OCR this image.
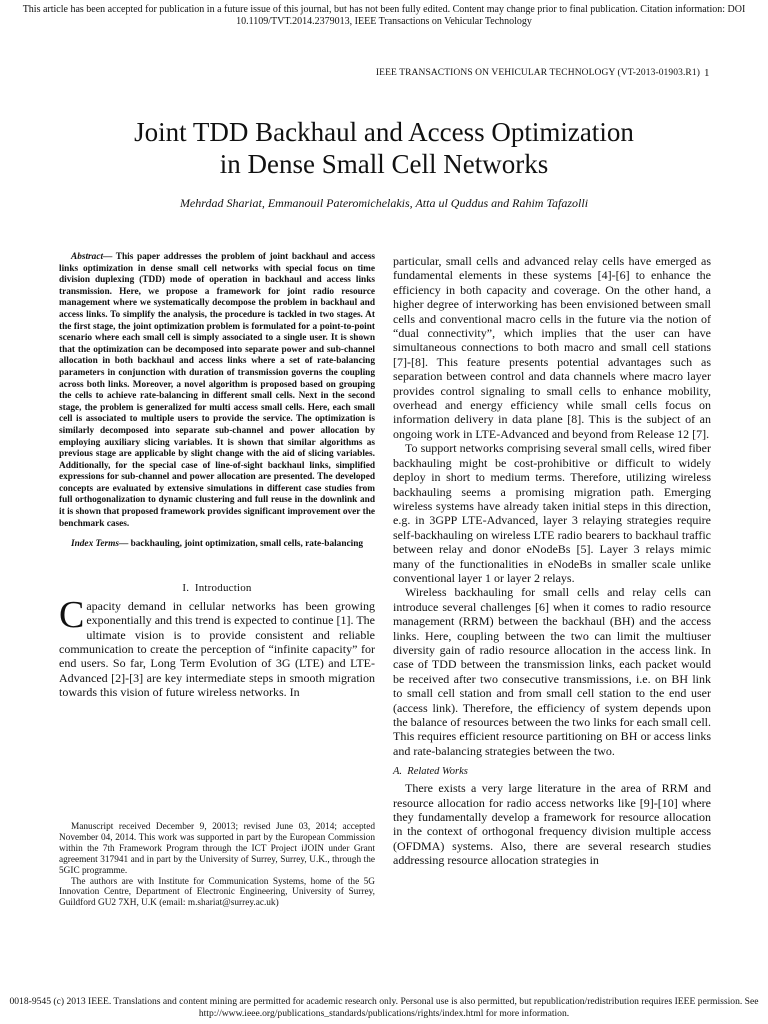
This article has been accepted for publication in a future issue of this journal, but has not been fully edited. Content may change prior to final publication. Citation information: DOI 10.1109/TVT.2014.2379013, IEEE Transactions on Vehicular Technology
IEEE TRANSACTIONS ON VEHICULAR TECHNOLOGY (VT-2013-01903.R1) 1
Joint TDD Backhaul and Access Optimization
in Dense Small Cell Networks
Mehrdad Shariat, Emmanouil Pateromichelakis, Atta ul Quddus and Rahim Tafazolli

Abstract— This paper addresses the problem of joint backhaul and access links optimization in dense small cell networks with special focus on time division duplexing (TDD) mode of operation in backhaul and access links transmission. Here, we propose a framework for joint radio resource management where we systematically decompose the problem in backhaul and access links. To simplify the analysis, the procedure is tackled in two stages. At the first stage, the joint optimization problem is formulated for a point-to-point scenario where each small cell is simply associated to a single user. It is shown that the optimization can be decomposed into separate power and sub-channel allocation in both backhaul and access links where a set of rate-balancing parameters in conjunction with duration of transmission governs the coupling across both links. Moreover, a novel algorithm is proposed based on grouping the cells to achieve rate-balancing in different small cells. Next in the second stage, the problem is generalized for multi access small cells. Here, each small cell is associated to multiple users to provide the service. The optimization is similarly decomposed into separate sub-channel and power allocation by employing auxiliary slicing variables. It is shown that similar algorithms as previous stage are applicable by slight change with the aid of slicing variables. Additionally, for the special case of line-of-sight backhaul links, simplified expressions for sub-channel and power allocation are presented. The developed concepts are evaluated by extensive simulations in different case studies from full orthogonalization to dynamic clustering and full reuse in the downlink and it is shown that proposed framework provides significant improvement over the benchmark cases.

Index Terms— backhauling, joint optimization, small cells, rate-balancing

I. Introduction

Capacity demand in cellular networks has been growing exponentially and this trend is expected to continue [1]. The ultimate vision is to provide consistent and reliable communication to create the perception of “infinite capacity” for end users. So far, Long Term Evolution of 3G (LTE) and LTE-Advanced [2]-[3] are key intermediate steps in smooth migration towards this vision of future wireless networks. In

Manuscript received December 9, 20013; revised June 03, 2014; accepted November 04, 2014. This work was supported in part by the European Commission within the 7th Framework Program through the ICT Project iJOIN under Grant agreement 317941 and in part by the University of Surrey, Surrey, U.K., through the 5GIC programme.

The authors are with Institute for Communication Systems, home of the 5G Innovation Centre, Department of Electronic Engineering, University of Surrey, Guildford GU2 7XH, U.K (email: m.shariat@surrey.ac.uk)

particular, small cells and advanced relay cells have emerged as fundamental elements in these systems [4]-[6] to enhance the efficiency in both capacity and coverage. On the other hand, a higher degree of interworking has been envisioned between small cells and conventional macro cells in the future via the notion of “dual connectivity”, which implies that the user can have simultaneous connections to both macro and small cell stations [7]-[8]. This feature presents potential advantages such as separation between control and data channels where macro layer provides control signaling to small cells to enhance mobility, overhead and energy efficiency while small cells focus on information delivery in data plane [8]. This is the subject of an ongoing work in LTE-Advanced and beyond from Release 12 [7].

To support networks comprising several small cells, wired fiber backhauling might be cost-prohibitive or difficult to widely deploy in short to medium terms. Therefore, utilizing wireless backhauling seems a promising migration path. Emerging wireless systems have already taken initial steps in this direction, e.g. in 3GPP LTE-Advanced, layer 3 relaying strategies require self-backhauling on wireless LTE radio bearers to backhaul traffic between relay and donor eNodeBs [5]. Layer 3 relays mimic many of the functionalities in eNodeBs in smaller scale unlike conventional layer 1 or layer 2 relays.

Wireless backhauling for small cells and relay cells can introduce several challenges [6] when it comes to radio resource management (RRM) between the backhaul (BH) and the access links. Here, coupling between the two can limit the multiuser diversity gain of radio resource allocation in the access link. In case of TDD between the transmission links, each packet would be received after two consecutive transmissions, i.e. on BH link to small cell station and from small cell station to the end user (access link). Therefore, the efficiency of system depends upon the balance of resources between the two links for each small cell. This requires efficient resource partitioning on BH or access links and rate-balancing strategies between the two.

A. Related Works

There exists a very large literature in the area of RRM and resource allocation for radio access networks like [9]-[10] where they fundamentally develop a framework for resource allocation in the context of orthogonal frequency division multiple access (OFDMA) systems. Also, there are several research studies addressing resource allocation strategies in

0018-9545 (c) 2013 IEEE. Translations and content mining are permitted for academic research only. Personal use is also permitted, but republication/redistribution requires IEEE permission. See http://www.ieee.org/publications_standards/publications/rights/index.html for more information.
